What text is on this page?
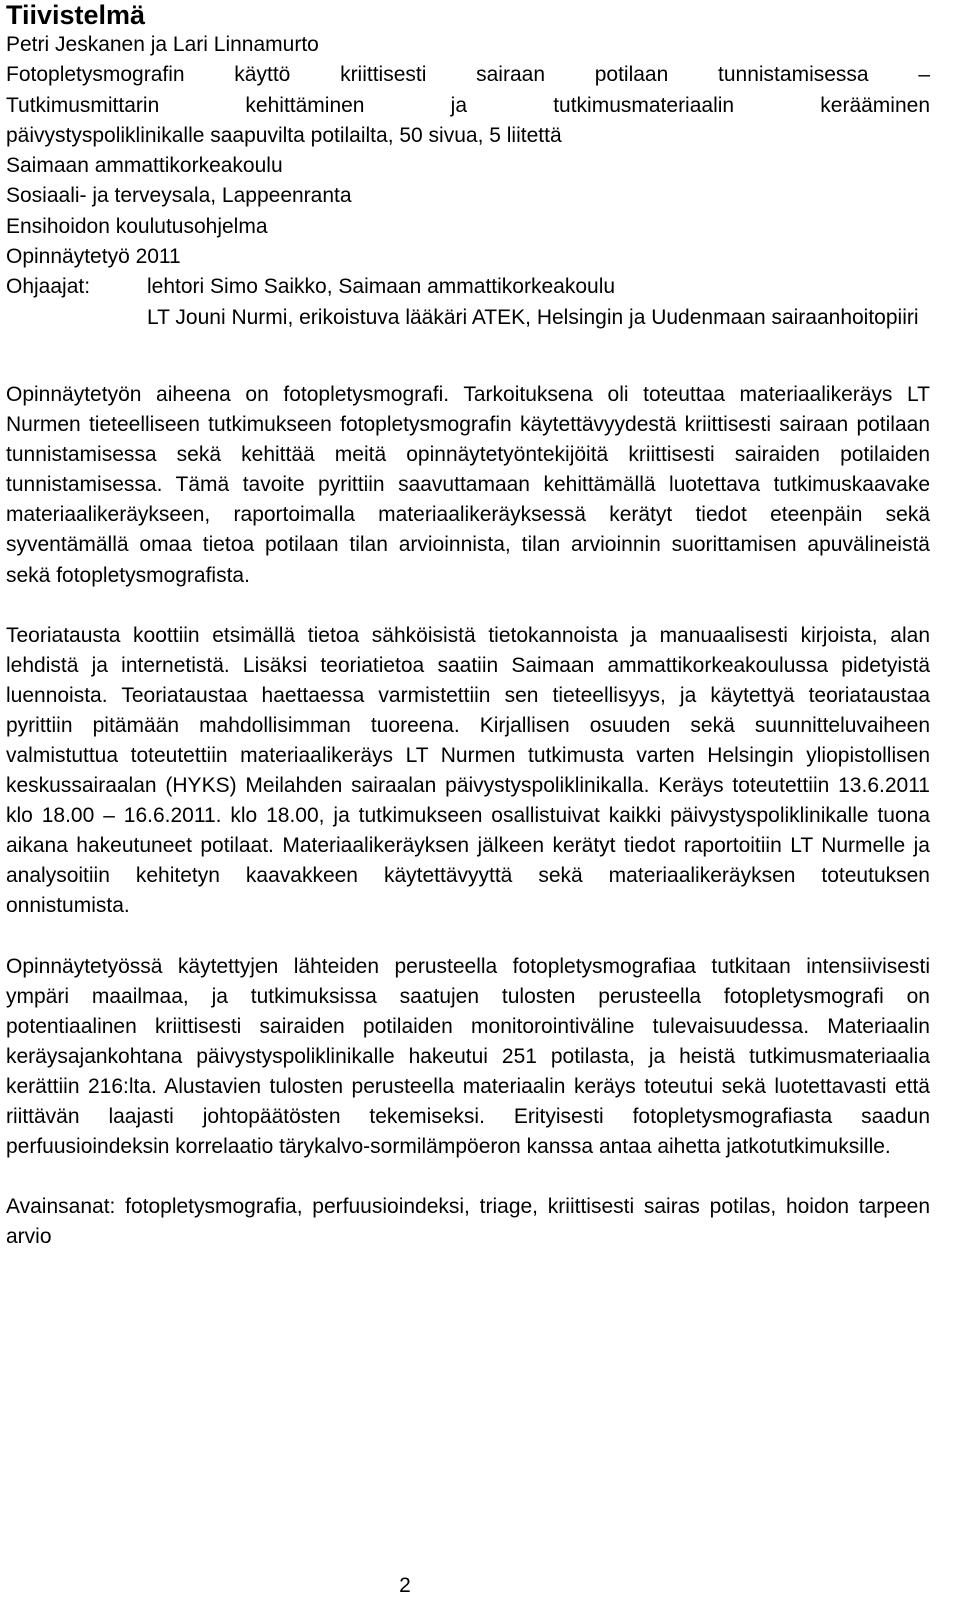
Tiivistelmä
Petri Jeskanen ja Lari Linnamurto
Fotopletysmografin käyttö kriittisesti sairaan potilaan tunnistamisessa –
Tutkimusmittarin kehittäminen ja tutkimusmateriaalin kerääminen
päivystyspoliklinikalle saapuvilta potilailta, 50 sivua, 5 liitettä
Saimaan ammattikorkeakoulu
Sosiaali- ja terveysala, Lappeenranta
Ensihoidon koulutusohjelma
Opinnäytetyö 2011
Ohjaajat:	lehtori Simo Saikko, Saimaan ammattikorkeakoulu
LT Jouni Nurmi, erikoistuva lääkäri ATEK, Helsingin ja Uudenmaan sairaanhoitopiiri

Opinnäytetyön aiheena on fotopletysmografi. Tarkoituksena oli toteuttaa materiaalikeräys LT Nurmen tieteelliseen tutkimukseen fotopletysmografin käytettävyydestä kriittisesti sairaan potilaan tunnistamisessa sekä kehittää meitä opinnäytetyöntekijöitä kriittisesti sairaiden potilaiden tunnistamisessa. Tämä tavoite pyrittiin saavuttamaan kehittämällä luotettava tutkimuskaavake materiaalikeräykseen, raportoimalla materiaalikeräyksessä kerätyt tiedot eteenpäin sekä syventämällä omaa tietoa potilaan tilan arvioinnista, tilan arvioinnin suorittamisen apuvälineistä sekä fotopletysmografista.

Teoriatausta koottiin etsimällä tietoa sähköisistä tietokannoista ja manuaalisesti kirjoista, alan lehdistä ja internetistä. Lisäksi teoriatietoa saatiin Saimaan ammattikorkeakoulussa pidetyistä luennoista. Teoriataustaa haettaessa varmistettiin sen tieteellisyys, ja käytettyä teoriataustaa pyrittiin pitämään mahdollisimman tuoreena. Kirjallisen osuuden sekä suunnitteluvaiheen valmistuttua toteutettiin materiaalikeräys LT Nurmen tutkimusta varten Helsingin yliopistollisen keskussairaalan (HYKS) Meilahden sairaalan päivystyspoliklinikalla. Keräys toteutettiin 13.6.2011 klo 18.00 – 16.6.2011. klo 18.00, ja tutkimukseen osallistuivat kaikki päivystyspoliklinikalle tuona aikana hakeutuneet potilaat. Materiaalikeräyksen jälkeen kerätyt tiedot raportoitiin LT Nurmelle ja analysoitiin kehitetyn kaavakkeen käytettävyyttä sekä materiaalikeräyksen toteutuksen onnistumista.

Opinnäytetyössä käytettyjen lähteiden perusteella fotopletysmografiaa tutkitaan intensiivisesti ympäri maailmaa, ja tutkimuksissa saatujen tulosten perusteella fotopletysmografi on potentiaalinen kriittisesti sairaiden potilaiden monitorointiväline tulevaisuudessa. Materiaalin keräysajankohtana päivystyspoliklinikalle hakeutui 251 potilasta, ja heistä tutkimusmateriaalia kerättiin 216:lta. Alustavien tulosten perusteella materiaalin keräys toteutui sekä luotettavasti että riittävän laajasti johtopäätösten tekemiseksi. Erityisesti fotopletysmografiasta saadun perfuusioindeksin korrelaatio tärykalvo-sormilämpöeron kanssa antaa aihetta jatkotutkimuksille.

Avainsanat: fotopletysmografia, perfuusioindeksi, triage, kriittisesti sairas potilas, hoidon tarpeen arvio

2
